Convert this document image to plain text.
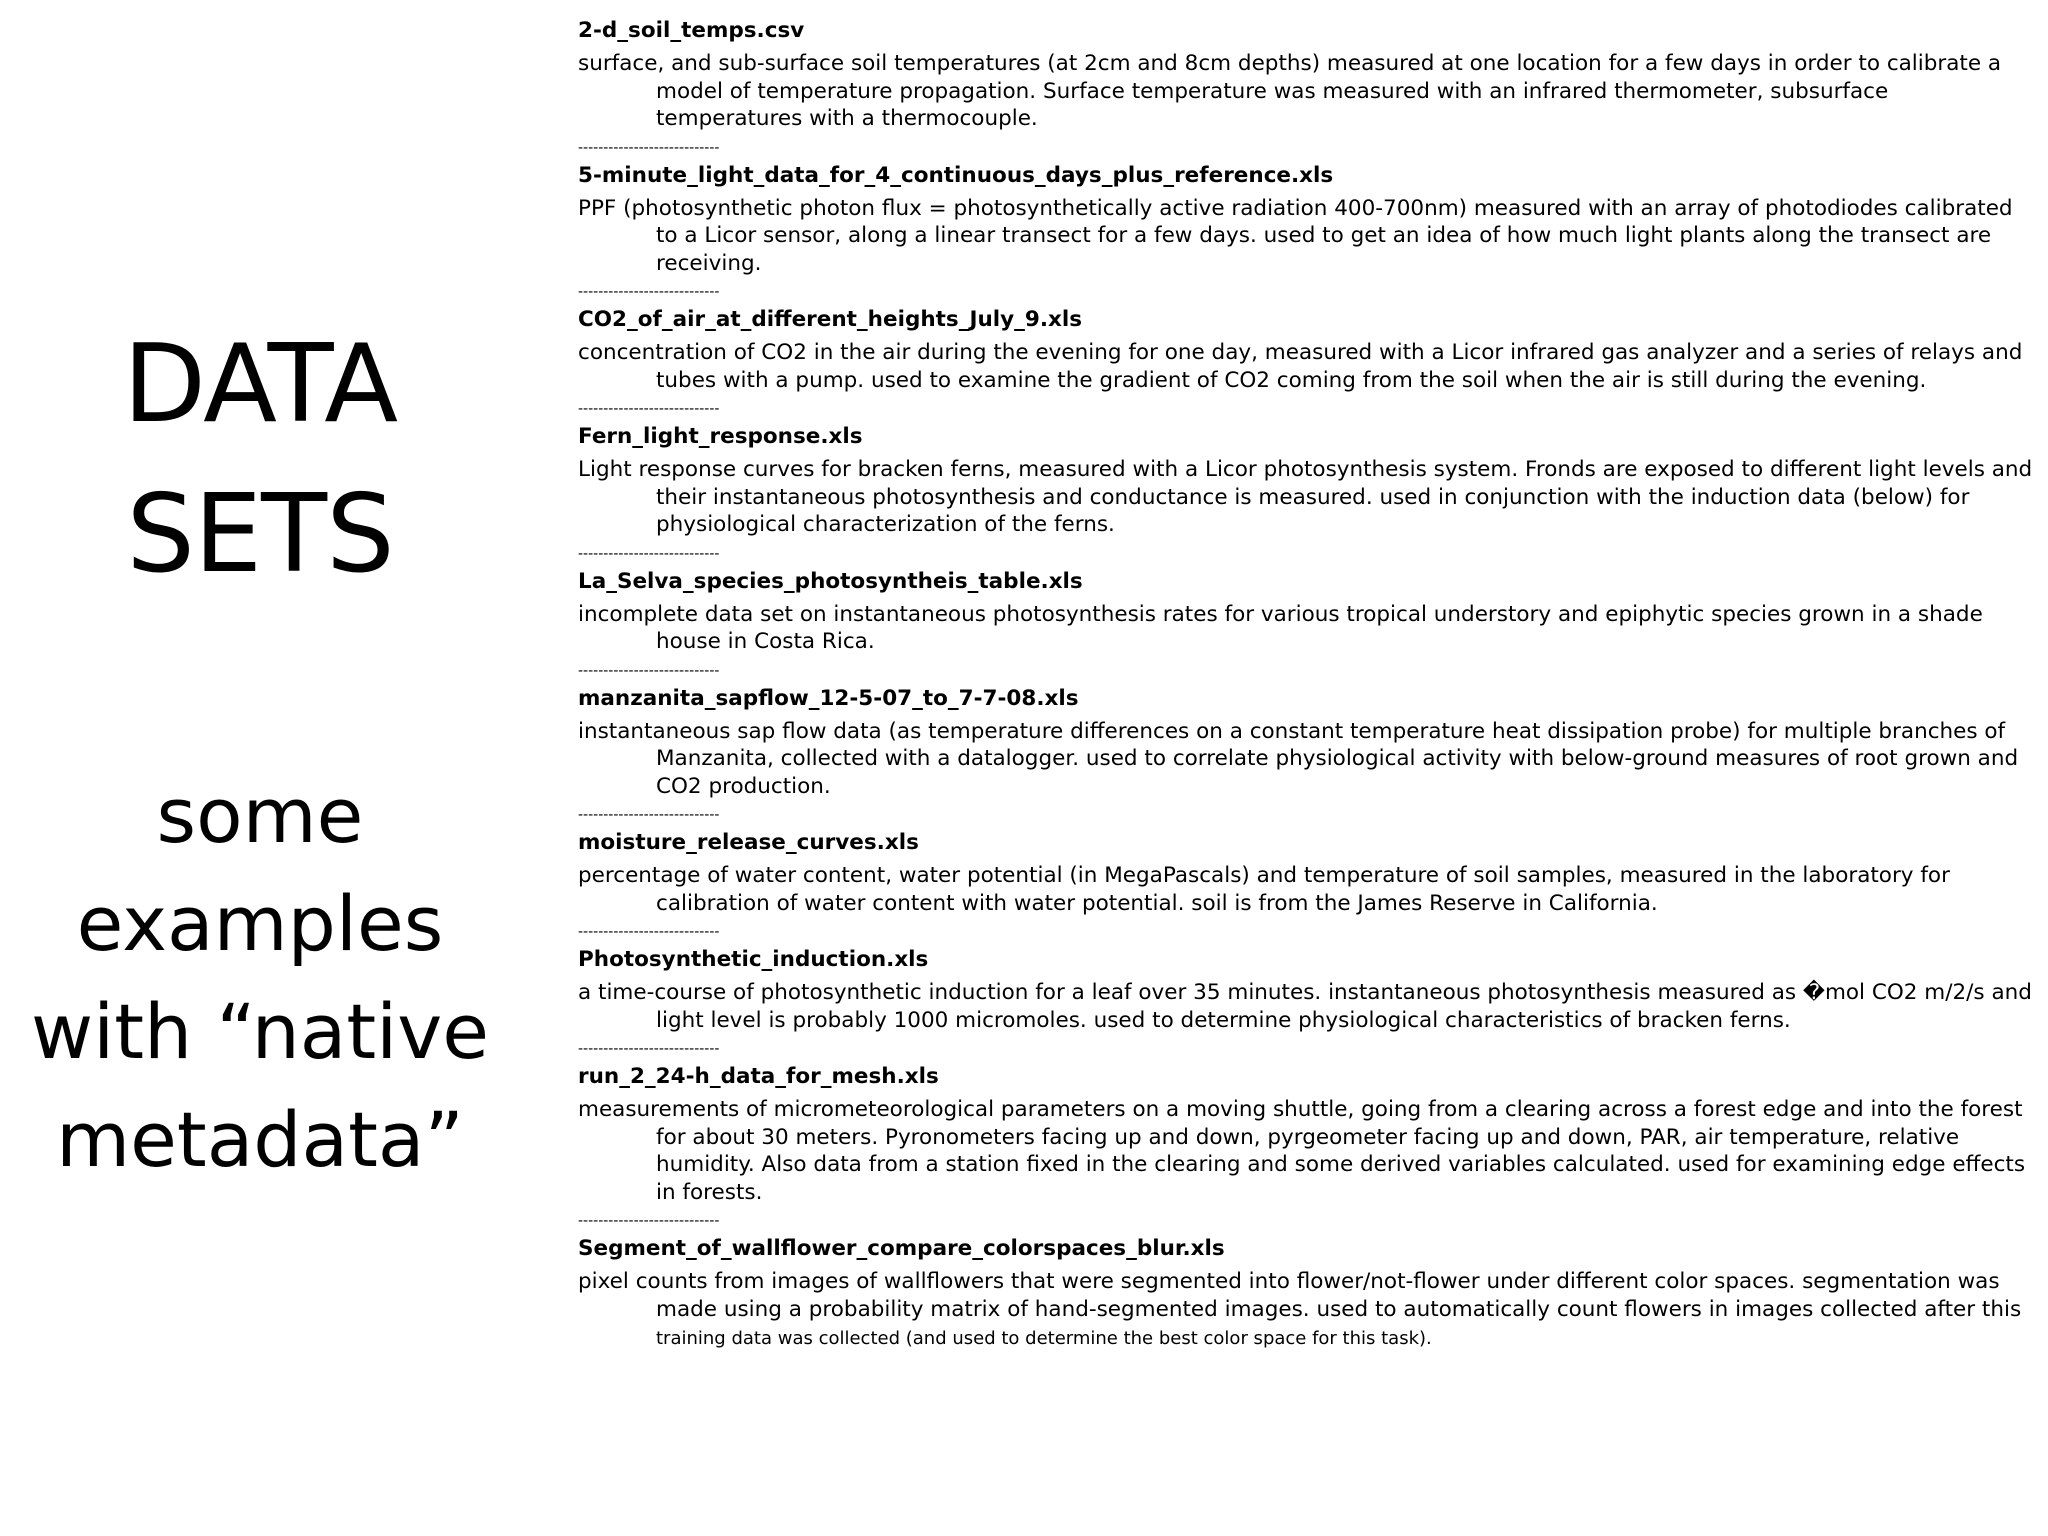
DATA
SETS
some
examples
with “native
metadata”
2-d_soil_temps.csv
surface, and sub-surface soil temperatures (at 2cm and 8cm depths) measured at one location for a few days in order to calibrate a model of temperature propagation. Surface temperature was measured with an infrared thermometer, subsurface temperatures with a thermocouple.
----------------------------
5-minute_light_data_for_4_continuous_days_plus_reference.xls
PPF (photosynthetic photon flux = photosynthetically active radiation 400-700nm) measured with an array of photodiodes calibrated to a Licor sensor, along a linear transect for a few days. used to get an idea of how much light plants along the transect are receiving.
----------------------------
CO2_of_air_at_different_heights_July_9.xls
concentration of CO2 in the air during the evening for one day, measured with a Licor infrared gas analyzer and a series of relays and tubes with a pump. used to examine the gradient of CO2 coming from the soil when the air is still during the evening.
----------------------------
Fern_light_response.xls
Light response curves for bracken ferns, measured with a Licor photosynthesis system. Fronds are exposed to different light levels and their instantaneous photosynthesis and conductance is measured. used in conjunction with the induction data (below) for physiological characterization of the ferns.
----------------------------
La_Selva_species_photosyntheis_table.xls
incomplete data set on instantaneous photosynthesis rates for various tropical understory and epiphytic species grown in a shade house in Costa Rica.
----------------------------
manzanita_sapflow_12-5-07_to_7-7-08.xls
instantaneous sap flow data (as temperature differences on a constant temperature heat dissipation probe) for multiple branches of Manzanita, collected with a datalogger. used to correlate physiological activity with below-ground measures of root grown and CO2 production.
----------------------------
moisture_release_curves.xls
percentage of water content, water potential (in MegaPascals) and temperature of soil samples, measured in the laboratory for calibration of water content with water potential. soil is from the James Reserve in California.
----------------------------
Photosynthetic_induction.xls
a time-course of photosynthetic induction for a leaf over 35 minutes. instantaneous photosynthesis measured as �mol CO2 m/2/s and light level is probably 1000 micromoles. used to determine physiological characteristics of bracken ferns.
----------------------------
run_2_24-h_data_for_mesh.xls
measurements of micrometeorological parameters on a moving shuttle, going from a clearing across a forest edge and into the forest for about 30 meters. Pyronometers facing up and down, pyrgeometer facing up and down, PAR, air temperature, relative humidity. Also data from a station fixed in the clearing and some derived variables calculated. used for examining edge effects in forests.
----------------------------
Segment_of_wallflower_compare_colorspaces_blur.xls
pixel counts from images of wallflowers that were segmented into flower/not-flower under different color spaces. segmentation was made using a probability matrix of hand-segmented images. used to automatically count flowers in images collected after this training data was collected (and used to determine the best color space for this task).
